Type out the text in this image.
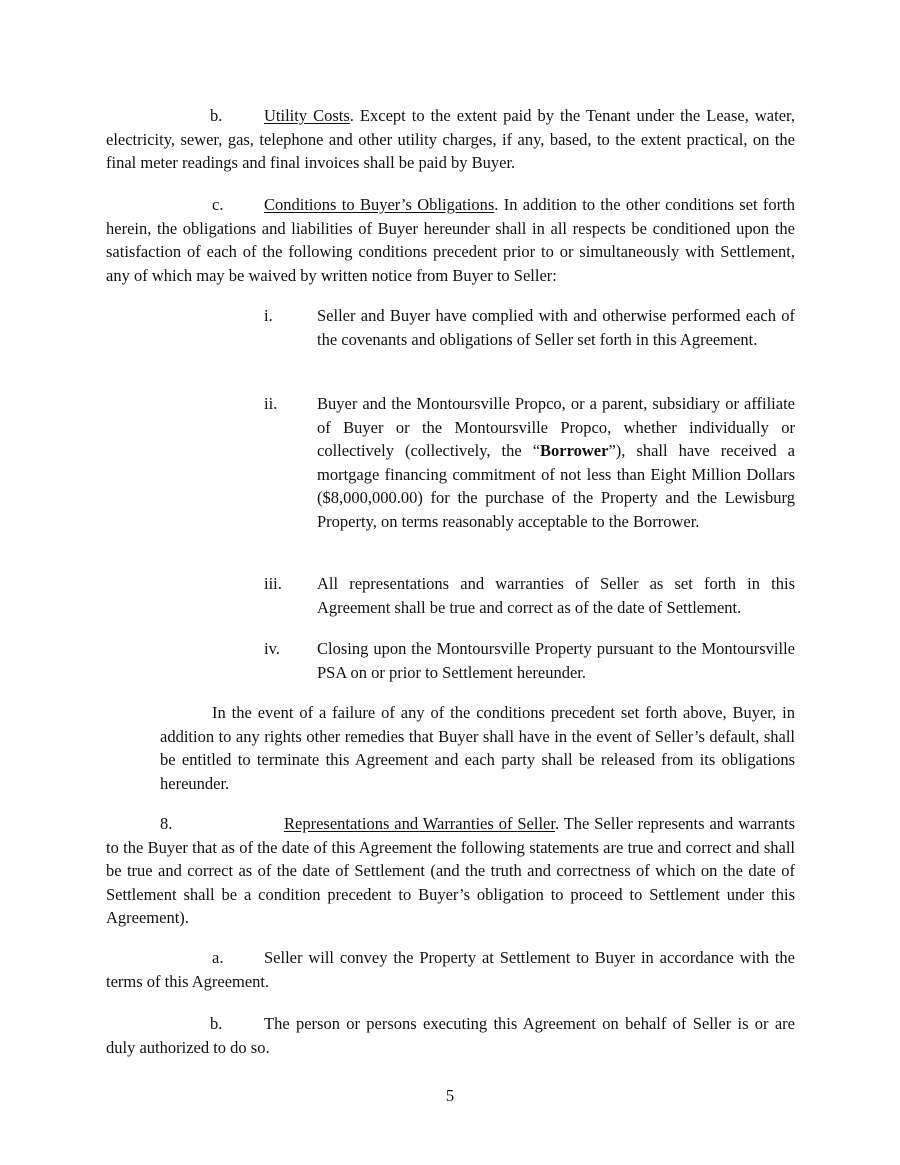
b.	Utility Costs. Except to the extent paid by the Tenant under the Lease, water, electricity, sewer, gas, telephone and other utility charges, if any, based, to the extent practical, on the final meter readings and final invoices shall be paid by Buyer.

c. Conditions to Buyer’s Obligations. In addition to the other conditions set forth herein, the obligations and liabilities of Buyer hereunder shall in all respects be conditioned upon the satisfaction of each of the following conditions precedent prior to or simultaneously with Settlement, any of which may be waived by written notice from Buyer to Seller:

i.	Seller and Buyer have complied with and otherwise performed each of the covenants and obligations of Seller set forth in this Agreement.
ii. Buyer and the Montoursville Propco, or a parent, subsidiary or affiliate of Buyer or the Montoursville Propco, whether individually or collectively (collectively, the “Borrower”), shall have received a mortgage financing commitment of not less than Eight Million Dollars ($8,000,000.00) for the purchase of the Property and the Lewisburg Property, on terms reasonably acceptable to the Borrower.
iii. All representations and warranties of Seller as set forth in this Agreement shall be true and correct as of the date of Settlement.
iv. Closing upon the Montoursville Property pursuant to the Montoursville PSA on or prior to Settlement hereunder.

In the event of a failure of any of the conditions precedent set forth above, Buyer, in addition to any rights other remedies that Buyer shall have in the event of Seller’s default, shall be entitled to terminate this Agreement and each party shall be released from its obligations hereunder.

8.	Representations and Warranties of Seller. The Seller represents and warrants to the Buyer that as of the date of this Agreement the following statements are true and correct and shall be true and correct as of the date of Settlement (and the truth and correctness of which on the date of Settlement shall be a condition precedent to Buyer’s obligation to proceed to Settlement under this Agreement).

a. Seller will convey the Property at Settlement to Buyer in accordance with the terms of this Agreement.

b.	The person or persons executing this Agreement on behalf of Seller is or are duly authorized to do so.

5
